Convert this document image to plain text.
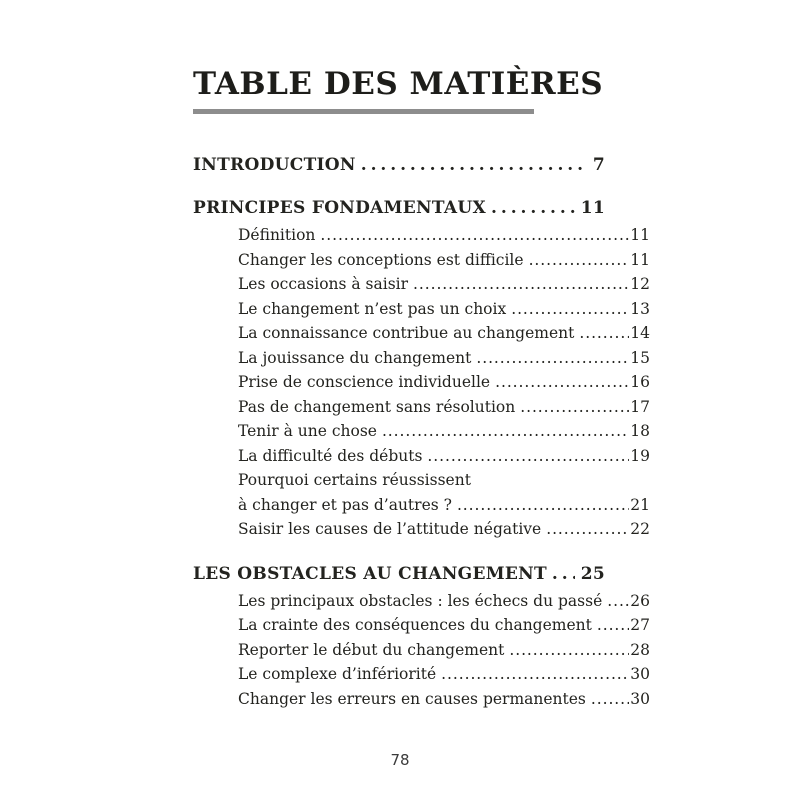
TABLE DES MATIÈRES
INTRODUCTION . . .	7
PRINCIPES FONDAMENTAUX . . .	11
Définition . . .	11
Changer les conceptions est difficile . . .	11
Les occasions à saisir . . .	12
Le changement n’est pas un choix . . .	13
La connaissance contribue au changement . . .	14
La jouissance du changement . . .	15
Prise de conscience individuelle . . .	16
Pas de changement sans résolution . . .	17
Tenir à une chose . . .	18
La difficulté des débuts . . .	19
Pourquoi certains réussissent
à changer et pas d’autres ? . . .	21
Saisir les causes de l’attitude négative . . .	22
LES OBSTACLES AU CHANGEMENT . . . 25
Les principaux obstacles : les échecs du passé . . . 26
La crainte des conséquences du changement . . . 27
Reporter le début du changement . . .	28
Le complexe d’infériorité . . .	30
Changer les erreurs en causes permanentes . . .	30
78
